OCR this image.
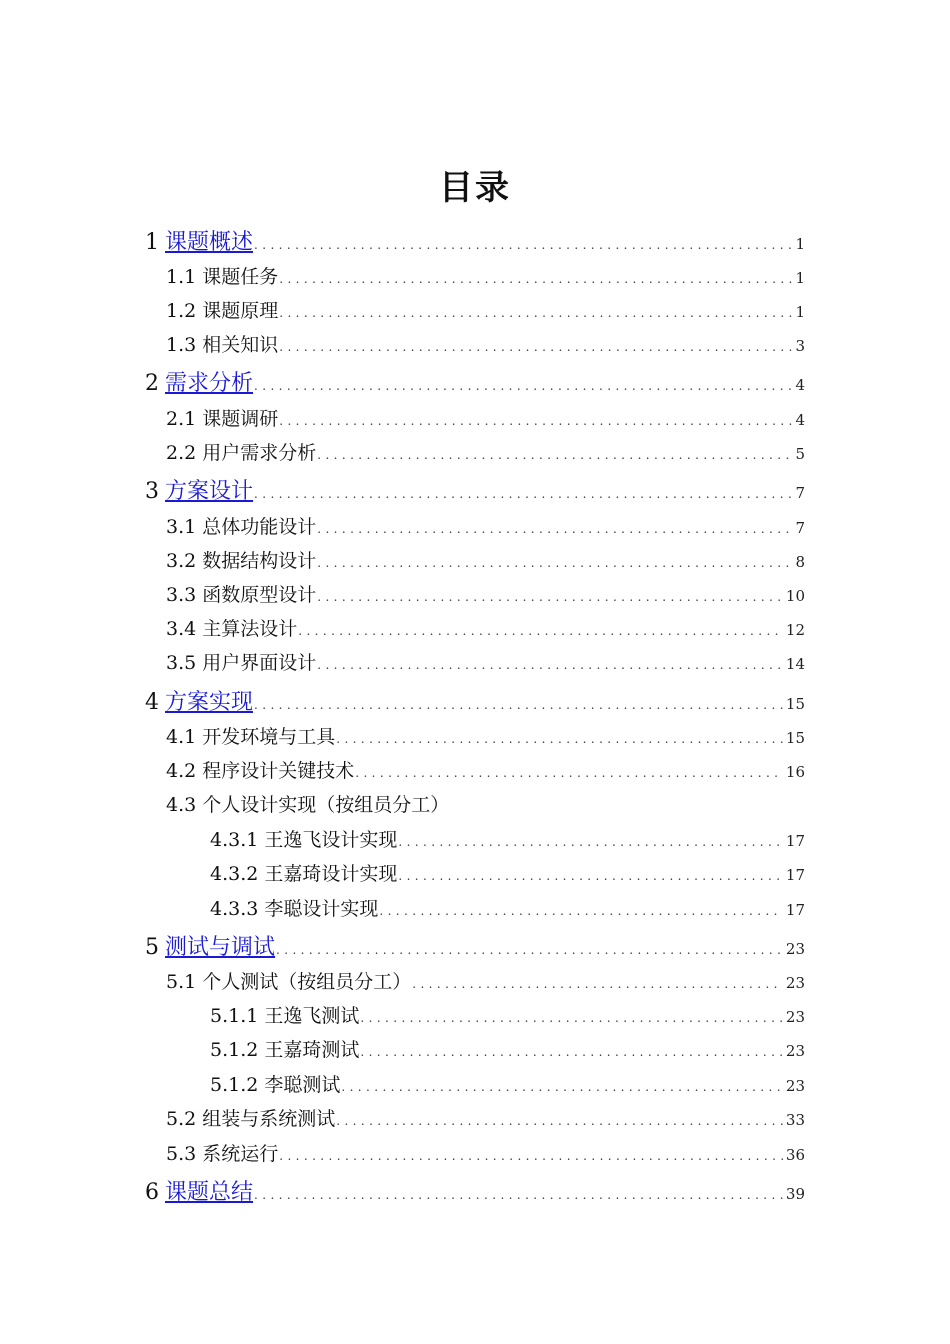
目录
1 课题概述 .....	1
1.1 课题任务 .....	1
1.2 课题原理 .....	1
1.3 相关知识 .....	3
2 需求分析 .....	4
2.1 课题调研 .....	4
2.2 用户需求分析 .....	5
3 方案设计 .....	7
3.1 总体功能设计 .....	7
3.2 数据结构设计 .....	8
3.3 函数原型设计 .....	10
3.4 主算法设计 .....	12
3.5 用户界面设计 .....	14
4 方案实现 .....	15
4.1 开发环境与工具 .....	15
4.2 程序设计关键技术 .....	16
4.3 个人设计实现（按组员分工）
4.3.1 王逸飞设计实现 .....	17
4.3.2 王嘉琦设计实现 .....	17
4.3.3 李聪设计实现 .....	17
5 测试与调试 .....	23
5.1 个人测试（按组员分工） .....	23
5.1.1 王逸飞测试 .....	23
5.1.2 王嘉琦测试 .....	23
5.1.2 李聪测试 .....	23
5.2 组装与系统测试 .....	33
5.3 系统运行 .....	36
6 课题总结 .....	39
